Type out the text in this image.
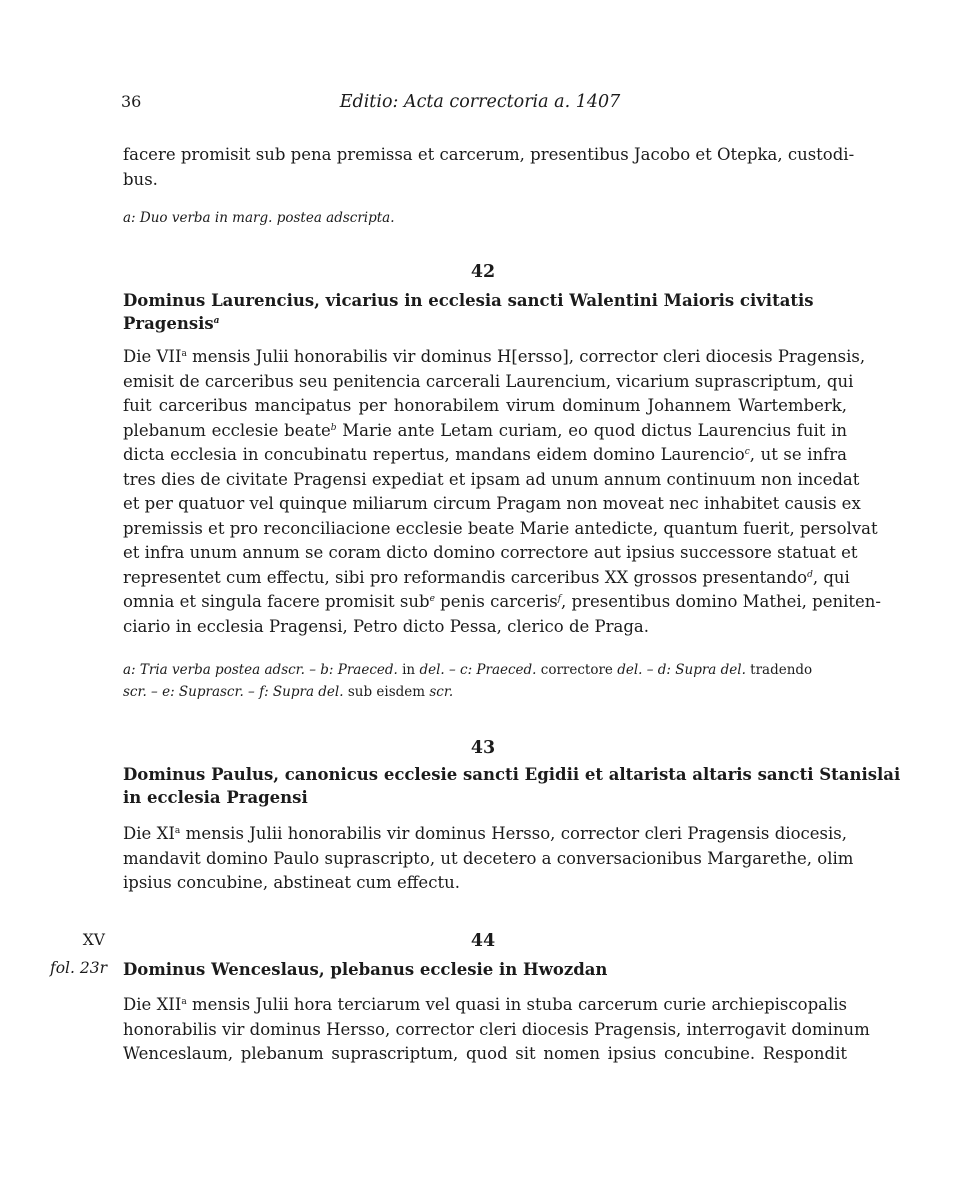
36	Editio: Acta correctoria a. 1407
facere promisit sub pena premissa et carcerum, presentibus Jacobo et Otepka, custodi-
bus.
a: Duo verba in marg. postea adscripta.
42
Dominus Laurencius, vicarius in ecclesia sancti Walentini Maioris civitatis
Pragensis$^a$
Die VII$^a$ mensis Julii honorabilis vir dominus H[ersso], corrector cleri diocesis Pragensis,
emisit de carceribus seu penitencia carcerali Laurencium, vicarium suprascriptum, qui
fuit carceribus mancipatus per honorabilem virum dominum Johannem Wartemberk,
plebanum ecclesie beate$^b$ Marie ante Letam curiam, eo quod dictus Laurencius fuit in
dicta ecclesia in concubinatu repertus, mandans eidem domino Laurencio$^c$, ut se infra
tres dies de civitate Pragensi expediat et ipsam ad unum annum continuum non incedat
et per quatuor vel quinque miliarum circum Pragam non moveat nec inhabitet causis ex
premissis et pro reconciliacione ecclesie beate Marie antedicte, quantum fuerit, persolvat
et infra unum annum se coram dicto domino correctore aut ipsius successore statuat et
representet cum effectu, sibi pro reformandis carceribus XX grossos presentando$^d$, qui
omnia et singula facere promisit sub$^e$ penis carceris$^f$, presentibus domino Mathei, peniten-
ciario in ecclesia Pragensi, Petro dicto Pessa, clerico de Praga.
a: Tria verba postea adscr. – b: Praeced. in del. – c: Praeced. correctore del. – d: Supra del. tradendo
scr. – e: Suprascr. – f: Supra del. sub eisdem scr.
43
Dominus Paulus, canonicus ecclesie sancti Egidii et altarista altaris sancti Stanislai
in ecclesia Pragensi
Die $XI^a$ mensis Julii honorabilis vir dominus Hersso, corrector cleri Pragensis diocesis,
mandavit domino Paulo suprascripto, ut decetero a conversacionibus Margarethe, olim
ipsius concubine, abstineat cum effectu.
XV
fol. 23r
44
Dominus Wenceslaus, plebanus ecclesie in Hwozdan
Die XII$^a$ mensis Julii hora terciarum vel quasi in stuba carcerum curie archiepiscopalis
honorabilis vir dominus Hersso, corrector cleri diocesis Pragensis, interrogavit dominum
Wenceslaum, plebanum suprascriptum, quod sit nomen ipsius concubine. Respondit
